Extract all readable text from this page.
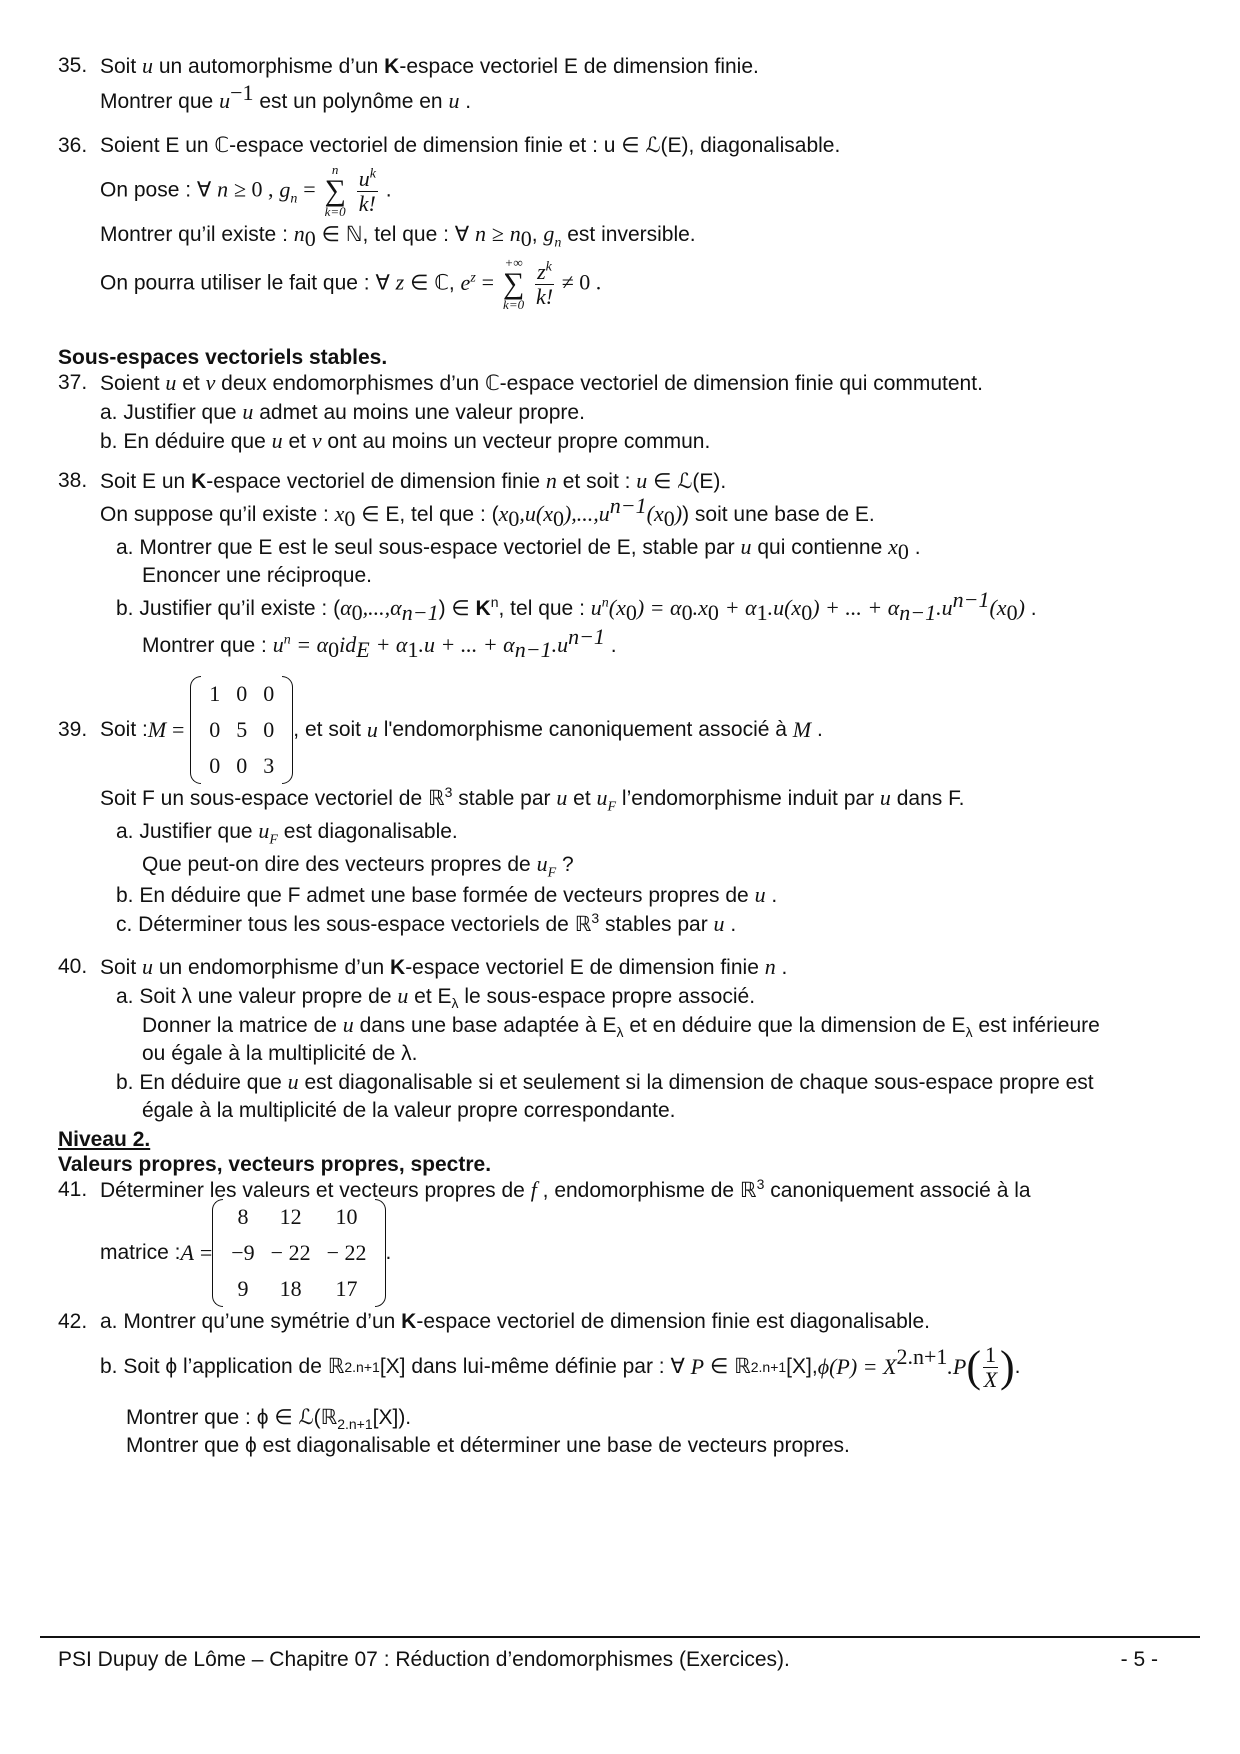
35. Soit u un automorphisme d’un K-espace vectoriel E de dimension finie.
Montrer que $u^{-1}$ est un polynôme en u .
36. Soient E un ℂ-espace vectoriel de dimension finie et : u ∈ ℒ(E), diagonalisable.
On pose : ∀ n ≥ 0 , $g_n$ =
n
∑
k=0
$\frac{u^k}{k!}$ .
Montrer qu’il existe : $n_0$ ∈ ℕ, tel que : ∀ $n \ge n_0$, $g_n$ est inversible.
On pourra utiliser le fait que : ∀ z ∈ ℂ, $e^z$ =
+∞
∑
k=0
$\frac{z^k}{k!} \ne 0$ .
Sous-espaces vectoriels stables.
37. Soient u et v deux endomorphismes d’un ℂ-espace vectoriel de dimension finie qui commutent.
a. Justifier que u admet au moins une valeur propre.
b. En déduire que u et v ont au moins un vecteur propre commun.
38. Soit E un K-espace vectoriel de dimension finie n et soit : u ∈ ℒ(E).
On suppose qu’il existe : $x_0$ ∈ E, tel que : $(x_0,u(x_0),...,u^{n-1}(x_0))$ soit une base de E.
a. Montrer que E est le seul sous-espace vectoriel de E, stable par u qui contienne $x_0$ .
Enoncer une réciproque.
b. Justifier qu’il existe : $(\alpha_0,...,\alpha_{n-1})$ ∈ $K^n$, tel que : $u^n(x_0) = \alpha_0.x_0 + \alpha_1.u(x_0)$ + ... + $\alpha_{n-1}.u^{n-1}(x_0)$ .
Montrer que : $u^n = \alpha_0id_E + \alpha_1.u$ + ... + $\alpha_{n-1}.u^{n-1}$ .
39. Soit : M
=

1	0	0
0	5	0
0	0	3
, et soit
u
l'endomorphisme canoniquement associé à
M .
Soit F un sous-espace vectoriel de ℝ$^3$ stable par u et $u_F$ l’endomorphisme induit par u dans F.
a. Justifier que $u_F$ est diagonalisable.
Que peut-on dire des vecteurs propres de $u_F$ ?
b. En déduire que F admet une base formée de vecteurs propres de u .
c. Déterminer tous les sous-espace vectoriels de ℝ$^3$ stables par u .
40. Soit u un endomorphisme d’un K-espace vectoriel E de dimension finie n .
a. Soit λ une valeur propre de u et $E_\lambda$ le sous-espace propre associé.
Donner la matrice de u dans une base adaptée à $E_\lambda$ et en déduire que la dimension de $E_\lambda$ est inférieure
ou égale à la multiplicité de λ.
b. En déduire que u est diagonalisable si et seulement si la dimension de chaque sous-espace propre est
égale à la multiplicité de la valeur propre correspondante.
Niveau 2.
Valeurs propres, vecteurs propres, spectre.
41. Déterminer les valeurs et vecteurs propres de f , endomorphisme de ℝ$^3$ canoniquement associé à la
matrice : A
=
8	12	10
−9	− 22	− 22
9	18	17
.
42. a. Montrer qu’une symétrie d’un K-espace vectoriel de dimension finie est diagonalisable.
b. Soit ϕ l’application de ℝ 2.n+1 [X] dans lui-même définie par : ∀
P
∈ ℝ 2.n+1 [X], $\phi(P) = X^{2.n+1}$ .P ( $\frac{1}{X}$ ) .
Montrer que : ϕ ∈ ℒ(ℝ$_{2.n+1}$[X]).
Montrer que ϕ est diagonalisable et déterminer une base de vecteurs propres.
PSI Dupuy de Lôme – Chapitre 07 : Réduction d’endomorphismes (Exercices).	- 5 -
